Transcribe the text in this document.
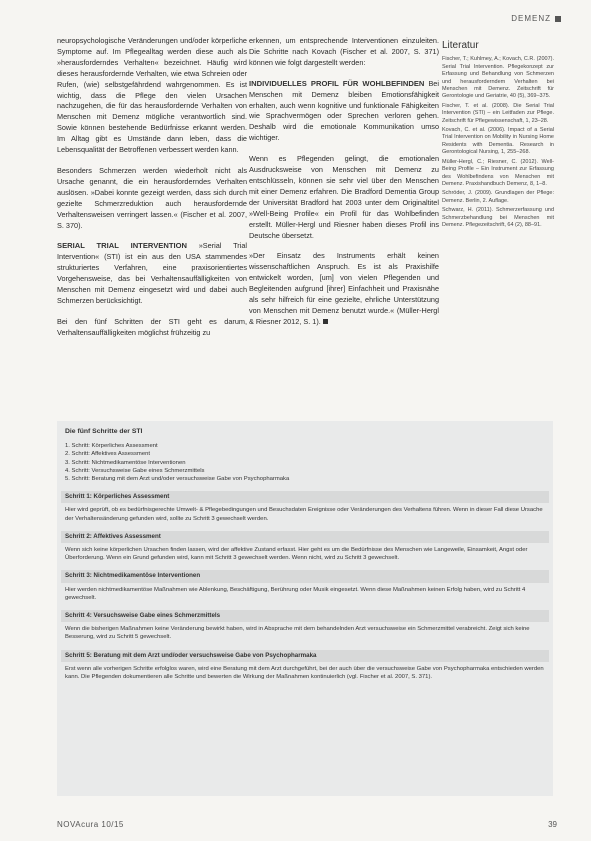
DEMENZ

neuropsychologische Veränderungen und/oder körperliche Symptome auf. Im Pflegealltag werden diese auch als »herausforderndes Verhalten« bezeichnet. Häufig wird dieses herausfordernde Verhalten, wie etwa Schreien oder Rufen, (wie) selbstgefährdend wahrgenommen. Es ist wichtig, dass die Pflege den vielen Ursachen nachzugehen, die für das herausfordernde Verhalten von Menschen mit Demenz mögliche verantwortlich sind. Sowie können bestehende Bedürfnisse erkannt werden. Im Alltag gibt es Umstände dann leben, dass die Lebensqualität der Betroffenen verbessert werden kann.

Besonders Schmerzen werden wiederholt nicht als Ursache genannt, die ein herausforderndes Verhalten auslösen. »Dabei konnte gezeigt werden, dass sich durch gezielte Schmerzreduktion auch herausfordernde Verhaltensweisen verringert lassen.« (Fischer et al. 2007, S. 370).

SERIAL TRIAL INTERVENTION »Serial Trial Intervention« (STI) ist ein aus den USA stammendes strukturiertes Verfahren, eine praxisorientiertes Vorgehensweise, das bei Verhaltensauffälligkeiten von Menschen mit Demenz eingesetzt wird und dabei auch Schmerzen berücksichtigt.

Bei den fünf Schritten der STI geht es darum, Verhaltensauffälligkeiten möglichst frühzeitig zu

erkennen, um entsprechende Interventionen einzuleiten. Die Schritte nach Kovach (Fischer et al. 2007, S. 371) können wie folgt dargestellt werden:

INDIVIDUELLES PROFIL FÜR WOHLBEFINDEN Bei Menschen mit Demenz bleiben Emotionsfähigkeit erhalten, auch wenn kognitive und funktionale Fähigkeiten wie Sprachvermögen oder Sprechen verloren gehen. Deshalb wird die emotionale Kommunikation umso wichtiger.

Wenn es Pflegenden gelingt, die emotionalen Ausdrucksweise von Menschen mit Demenz zu entschlüsseln, können sie sehr viel über den Menschen mit einer Demenz erfahren. Die Bradford Dementia Group der Universität Bradford hat 2003 unter dem Originaltitel »Well-Being Profile« ein Profil für das Wohlbefinden erstellt. Müller-Hergl und Riesner haben dieses Profil ins Deutsche übersetzt.

»Der Einsatz des Instruments erhält keinen wissenschaftlichen Anspruch. Es ist als Praxishilfe entwickelt worden, [um] von vielen Pflegenden und Begleitenden aufgrund [ihrer] Einfachheit und Praxisnähe als sehr hilfreich für eine gezielte, ehrliche Unterstützung von Menschen mit Demenz benutzt wurde.« (Müller-Hergl & Riesner 2012, S. 1).

Literatur

Fischer, T.; Kuhlmey, A.; Kovach, C.R. (2007). Serial Trial Intervention. Pflegekonzept zur Erfassung und Behandlung von Schmerzen und herausforderndem Verhalten bei Menschen mit Demenz. Zeitschrift für Gerontologie und Geriatrie, 40 (5), 369–375.

Fischer, T. et al. (2008). Die Serial Trial Intervention (STI) – ein Leitfaden zur Pflege. Zeitschrift für Pflegewissenschaft, 1, 23–28.

Kovach, C. et al. (2006). Impact of a Serial Trial Intervention on Mobility in Nursing Home Residents with Dementia. Research in Gerontological Nursing, 1, 255–268.

Müller-Hergl, C.; Riesner, C. (2012). Well-Being Profile – Ein Instrument zur Erfassung des Wohlbefindens von Menschen mit Demenz. Praxishandbuch Demenz, 8, 1–8.

Schröder, J. (2009). Grundlagen der Pflege: Demenz. Berlin, 2. Auflage.

Schwarz, H. (2011). Schmerzerfassung und Schmerzbehandlung bei Menschen mit Demenz. Pflegezeitschrift, 64 (2), 88–91.

Die fünf Schritte der STI
1. Schritt: Körperliches Assessment
2. Schritt: Affektives Assessment
3. Schritt: Nichtmedikamentöse Interventionen
4. Schritt: Versuchsweise Gabe eines Schmerzmittels
5. Schritt: Beratung mit dem Arzt und/oder versuchsweise Gabe von Psychopharmaka
Schritt 1: Körperliches Assessment

Hier wird geprüft, ob es bedürfnisgerechte Umwelt- & Pflegebedingungen und Besuchsdaten Ereignisse oder Veränderungen des Verhaltens führen. Wenn in dieser Fall diese Ursache der Verhaltensänderung gefunden wird, sollte zu Schritt 3 gewechselt werden.

Schritt 2: Affektives Assessment

Wenn sich keine körperlichen Ursachen finden lassen, wird der affektive Zustand erfasst. Hier geht es um die Bedürfnisse des Menschen wie Langeweile, Einsamkeit, Angst oder Überforderung. Wenn ein Grund gefunden wird, kann mit Schritt 3 gewechselt werden. Wenn nicht, wird zu Schritt 3 gewechselt.

Schritt 3: Nichtmedikamentöse Interventionen

Hier werden nichtmedikamentöse Maßnahmen wie Ablenkung, Beschäftigung, Berührung oder Musik eingesetzt. Wenn diese Maßnahmen keinen Erfolg haben, wird zu Schritt 4 gewechselt.

Schritt 4: Versuchsweise Gabe eines Schmerzmittels

Wenn die bisherigen Maßnahmen keine Veränderung bewirkt haben, wird in Absprache mit dem behandelnden Arzt versuchsweise ein Schmerzmittel verabreicht. Zeigt sich keine Besserung, wird zu Schritt 5 gewechselt.

Schritt 5: Beratung mit dem Arzt und/oder versuchsweise Gabe von Psychopharmaka

Erst wenn alle vorherigen Schritte erfolglos waren, wird eine Beratung mit dem Arzt durchgeführt, bei der auch über die versuchsweise Gabe von Psychopharmaka entschieden werden kann. Die Pflegenden dokumentieren alle Schritte und bewerten die Wirkung der Maßnahmen kontinuierlich (vgl. Fischer et al. 2007, S. 371).

NOVAcura 10/15	39
